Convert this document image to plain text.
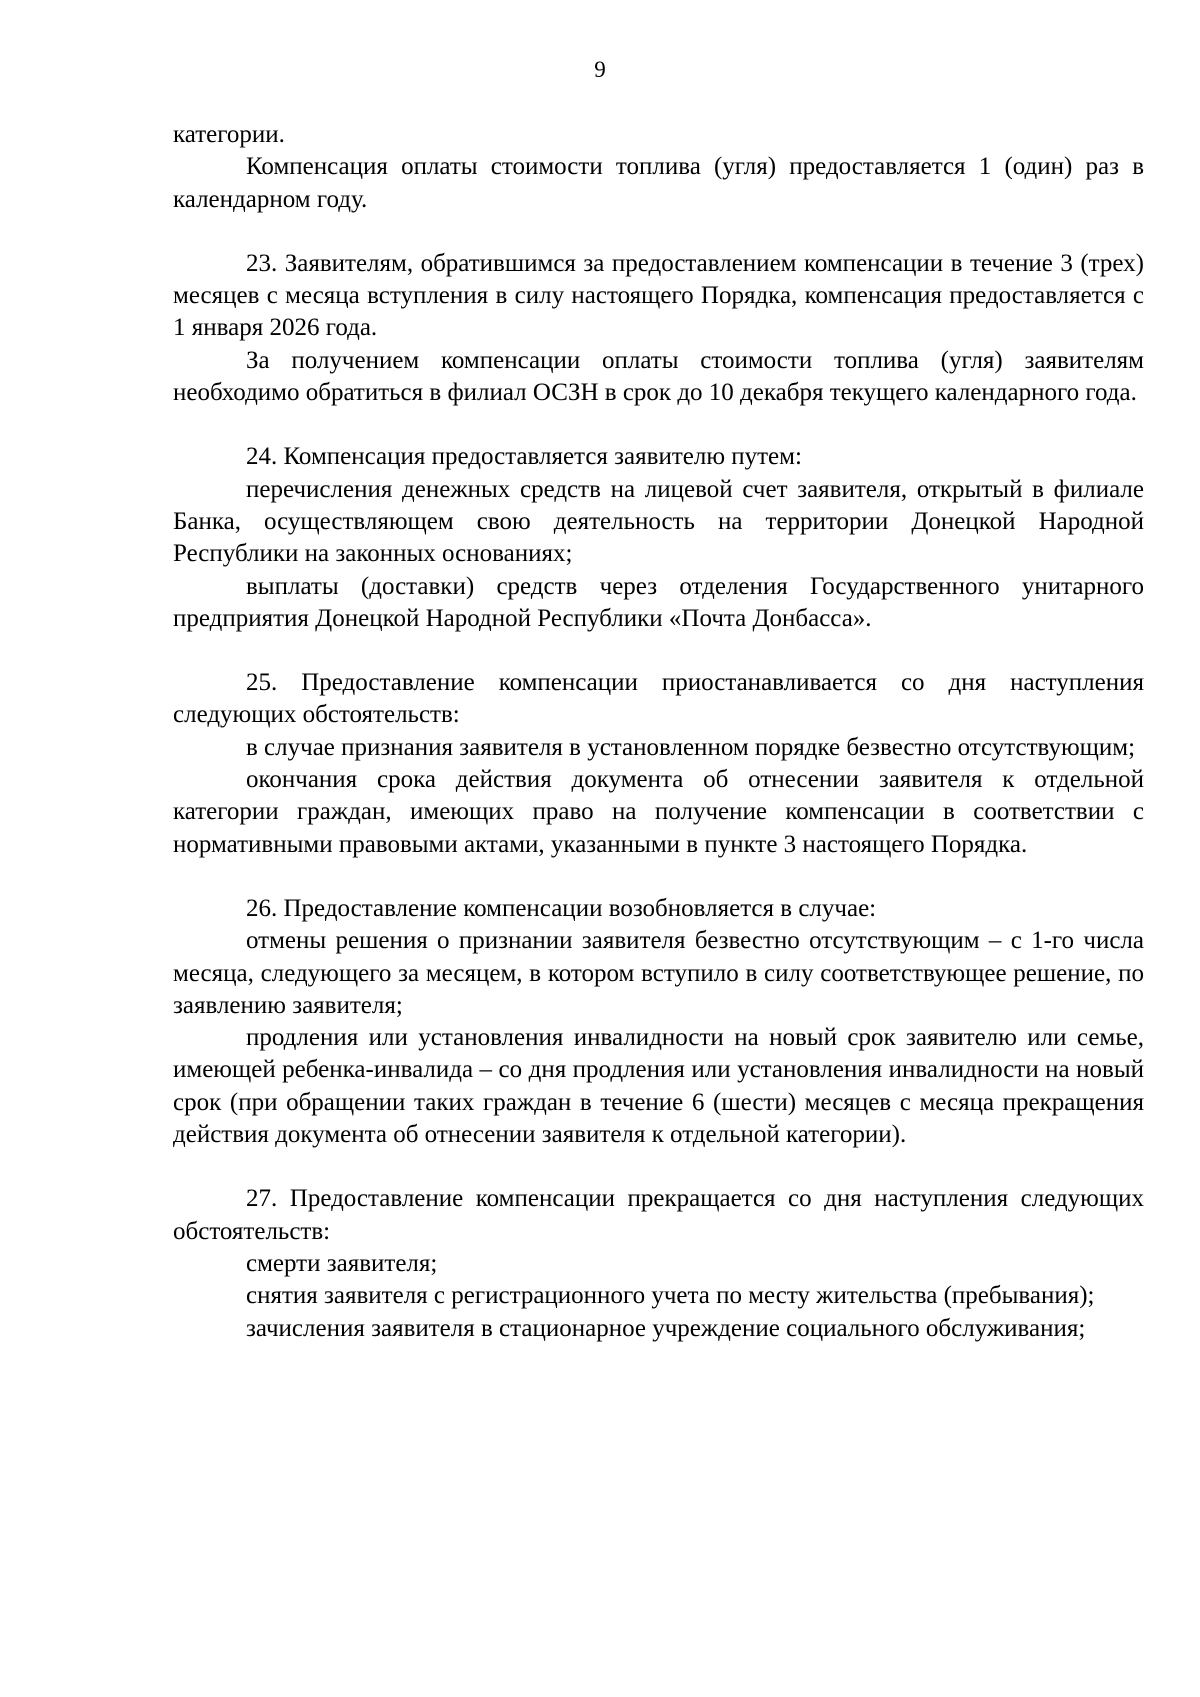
9

категории.

Компенсация оплаты стоимости топлива (угля) предоставляется 1 (один) раз в календарном году.

23. Заявителям, обратившимся за предоставлением компенсации в течение 3 (трех) месяцев с месяца вступления в силу настоящего Порядка, компенсация предоставляется с 1 января 2026 года.

За получением компенсации оплаты стоимости топлива (угля) заявителям необходимо обратиться в филиал ОСЗН в срок до 10 декабря текущего календарного года.

24. Компенсация предоставляется заявителю путем:

перечисления денежных средств на лицевой счет заявителя, открытый в филиале Банка, осуществляющем свою деятельность на территории Донецкой Народной Республики на законных основаниях;

выплаты (доставки) средств через отделения Государственного унитарного предприятия Донецкой Народной Республики «Почта Донбасса».

25. Предоставление компенсации приостанавливается со дня наступления следующих обстоятельств:

в случае признания заявителя в установленном порядке безвестно отсутствующим;

окончания срока действия документа об отнесении заявителя к отдельной категории граждан, имеющих право на получение компенсации в соответствии с нормативными правовыми актами, указанными в пункте 3 настоящего Порядка.

26. Предоставление компенсации возобновляется в случае:

отмены решения о признании заявителя безвестно отсутствующим – с 1-го числа месяца, следующего за месяцем, в котором вступило в силу соответствующее решение, по заявлению заявителя;

продления или установления инвалидности на новый срок заявителю или семье, имеющей ребенка-инвалида – со дня продления или установления инвалидности на новый срок (при обращении таких граждан в течение 6 (шести) месяцев с месяца прекращения действия документа об отнесении заявителя к отдельной категории).

27. Предоставление компенсации прекращается со дня наступления следующих обстоятельств:

смерти заявителя;

снятия заявителя с регистрационного учета по месту жительства (пребывания);

зачисления заявителя в стационарное учреждение социального обслуживания;
